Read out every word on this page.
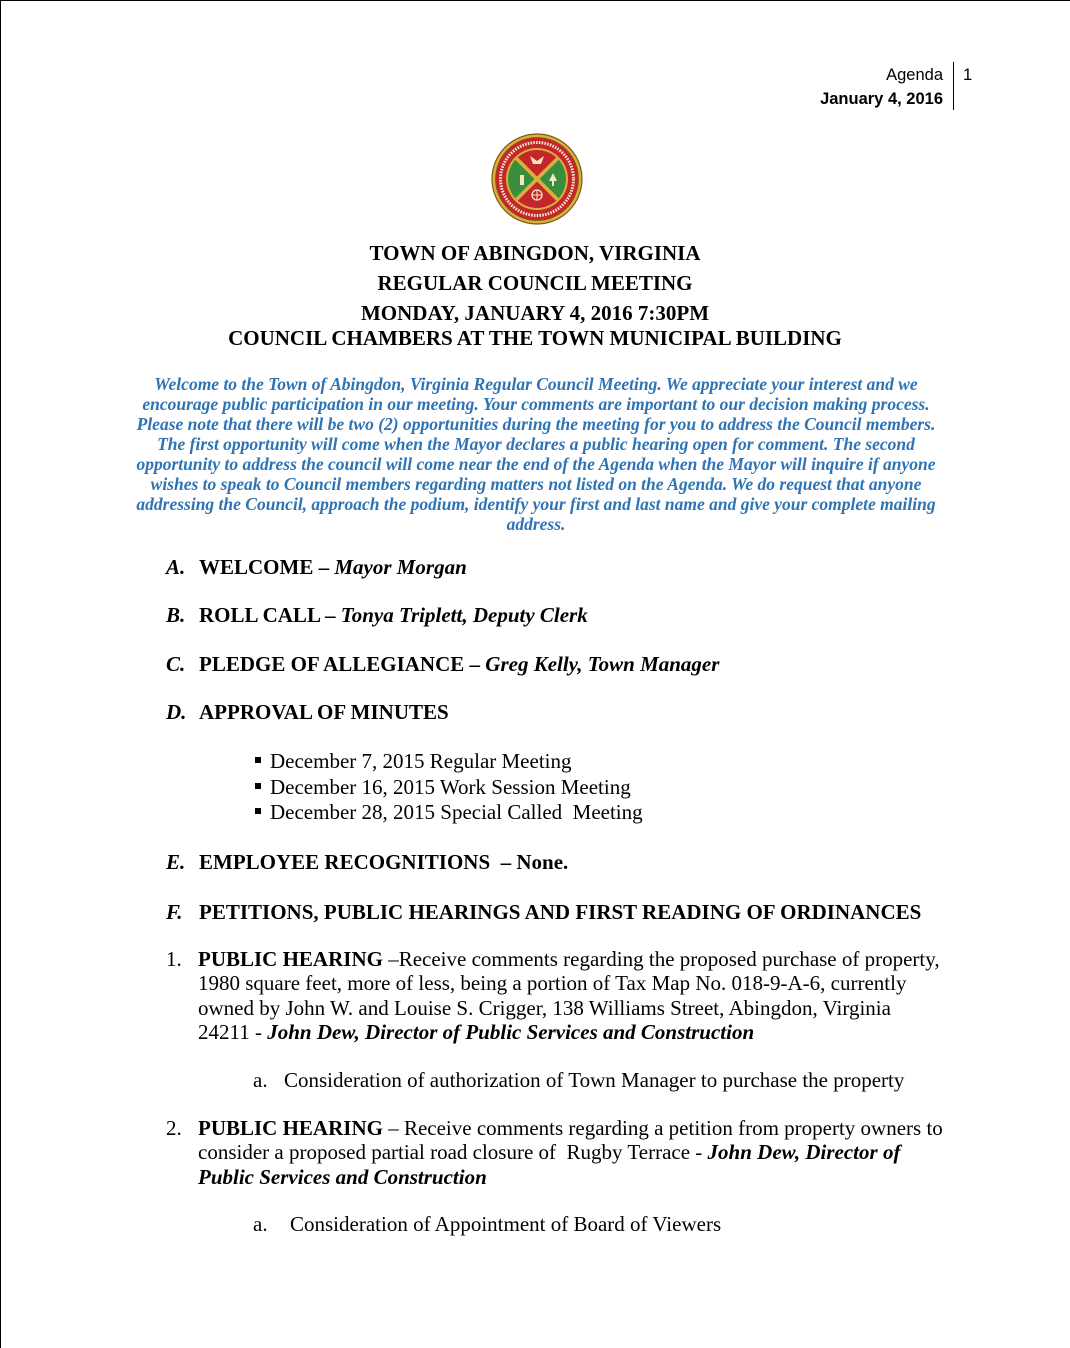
Agenda 1
January 4, 2016
TOWN OF ABINGDON, VIRGINIA
REGULAR COUNCIL MEETING
MONDAY, JANUARY 4, 2016 7:30PM
COUNCIL CHAMBERS AT THE TOWN MUNICIPAL BUILDING
Welcome to the Town of Abingdon, Virginia Regular Council Meeting. We appreciate your interest and we
encourage public participation in our meeting. Your comments are important to our decision making process.
Please note that there will be two (2) opportunities during the meeting for you to address the Council members.
The first opportunity will come when the Mayor declares a public hearing open for comment. The second
opportunity to address the council will come near the end of the Agenda when the Mayor will inquire if anyone
wishes to speak to Council members regarding matters not listed on the Agenda. We do request that anyone
addressing the Council, approach the podium, identify your first and last name and give your complete mailing
address.
A. WELCOME – Mayor Morgan
B. ROLL CALL – Tonya Triplett, Deputy Clerk
C. PLEDGE OF ALLEGIANCE – Greg Kelly, Town Manager
D. APPROVAL OF MINUTES
December 7, 2015 Regular Meeting
December 16, 2015 Work Session Meeting
December 28, 2015 Special Called  Meeting
E. EMPLOYEE RECOGNITIONS  – None.
F. PETITIONS, PUBLIC HEARINGS AND FIRST READING OF ORDINANCES
1. PUBLIC HEARING –Receive comments regarding the proposed purchase of property,
1980 square feet, more of less, being a portion of Tax Map No. 018-9-A-6, currently
owned by John W. and Louise S. Crigger, 138 Williams Street, Abingdon, Virginia
24211 - John Dew, Director of Public Services and Construction
a. Consideration of authorization of Town Manager to purchase the property
2. PUBLIC HEARING – Receive comments regarding a petition from property owners to
consider a proposed partial road closure of  Rugby Terrace - John Dew, Director of
Public Services and Construction
a. Consideration of Appointment of Board of Viewers
